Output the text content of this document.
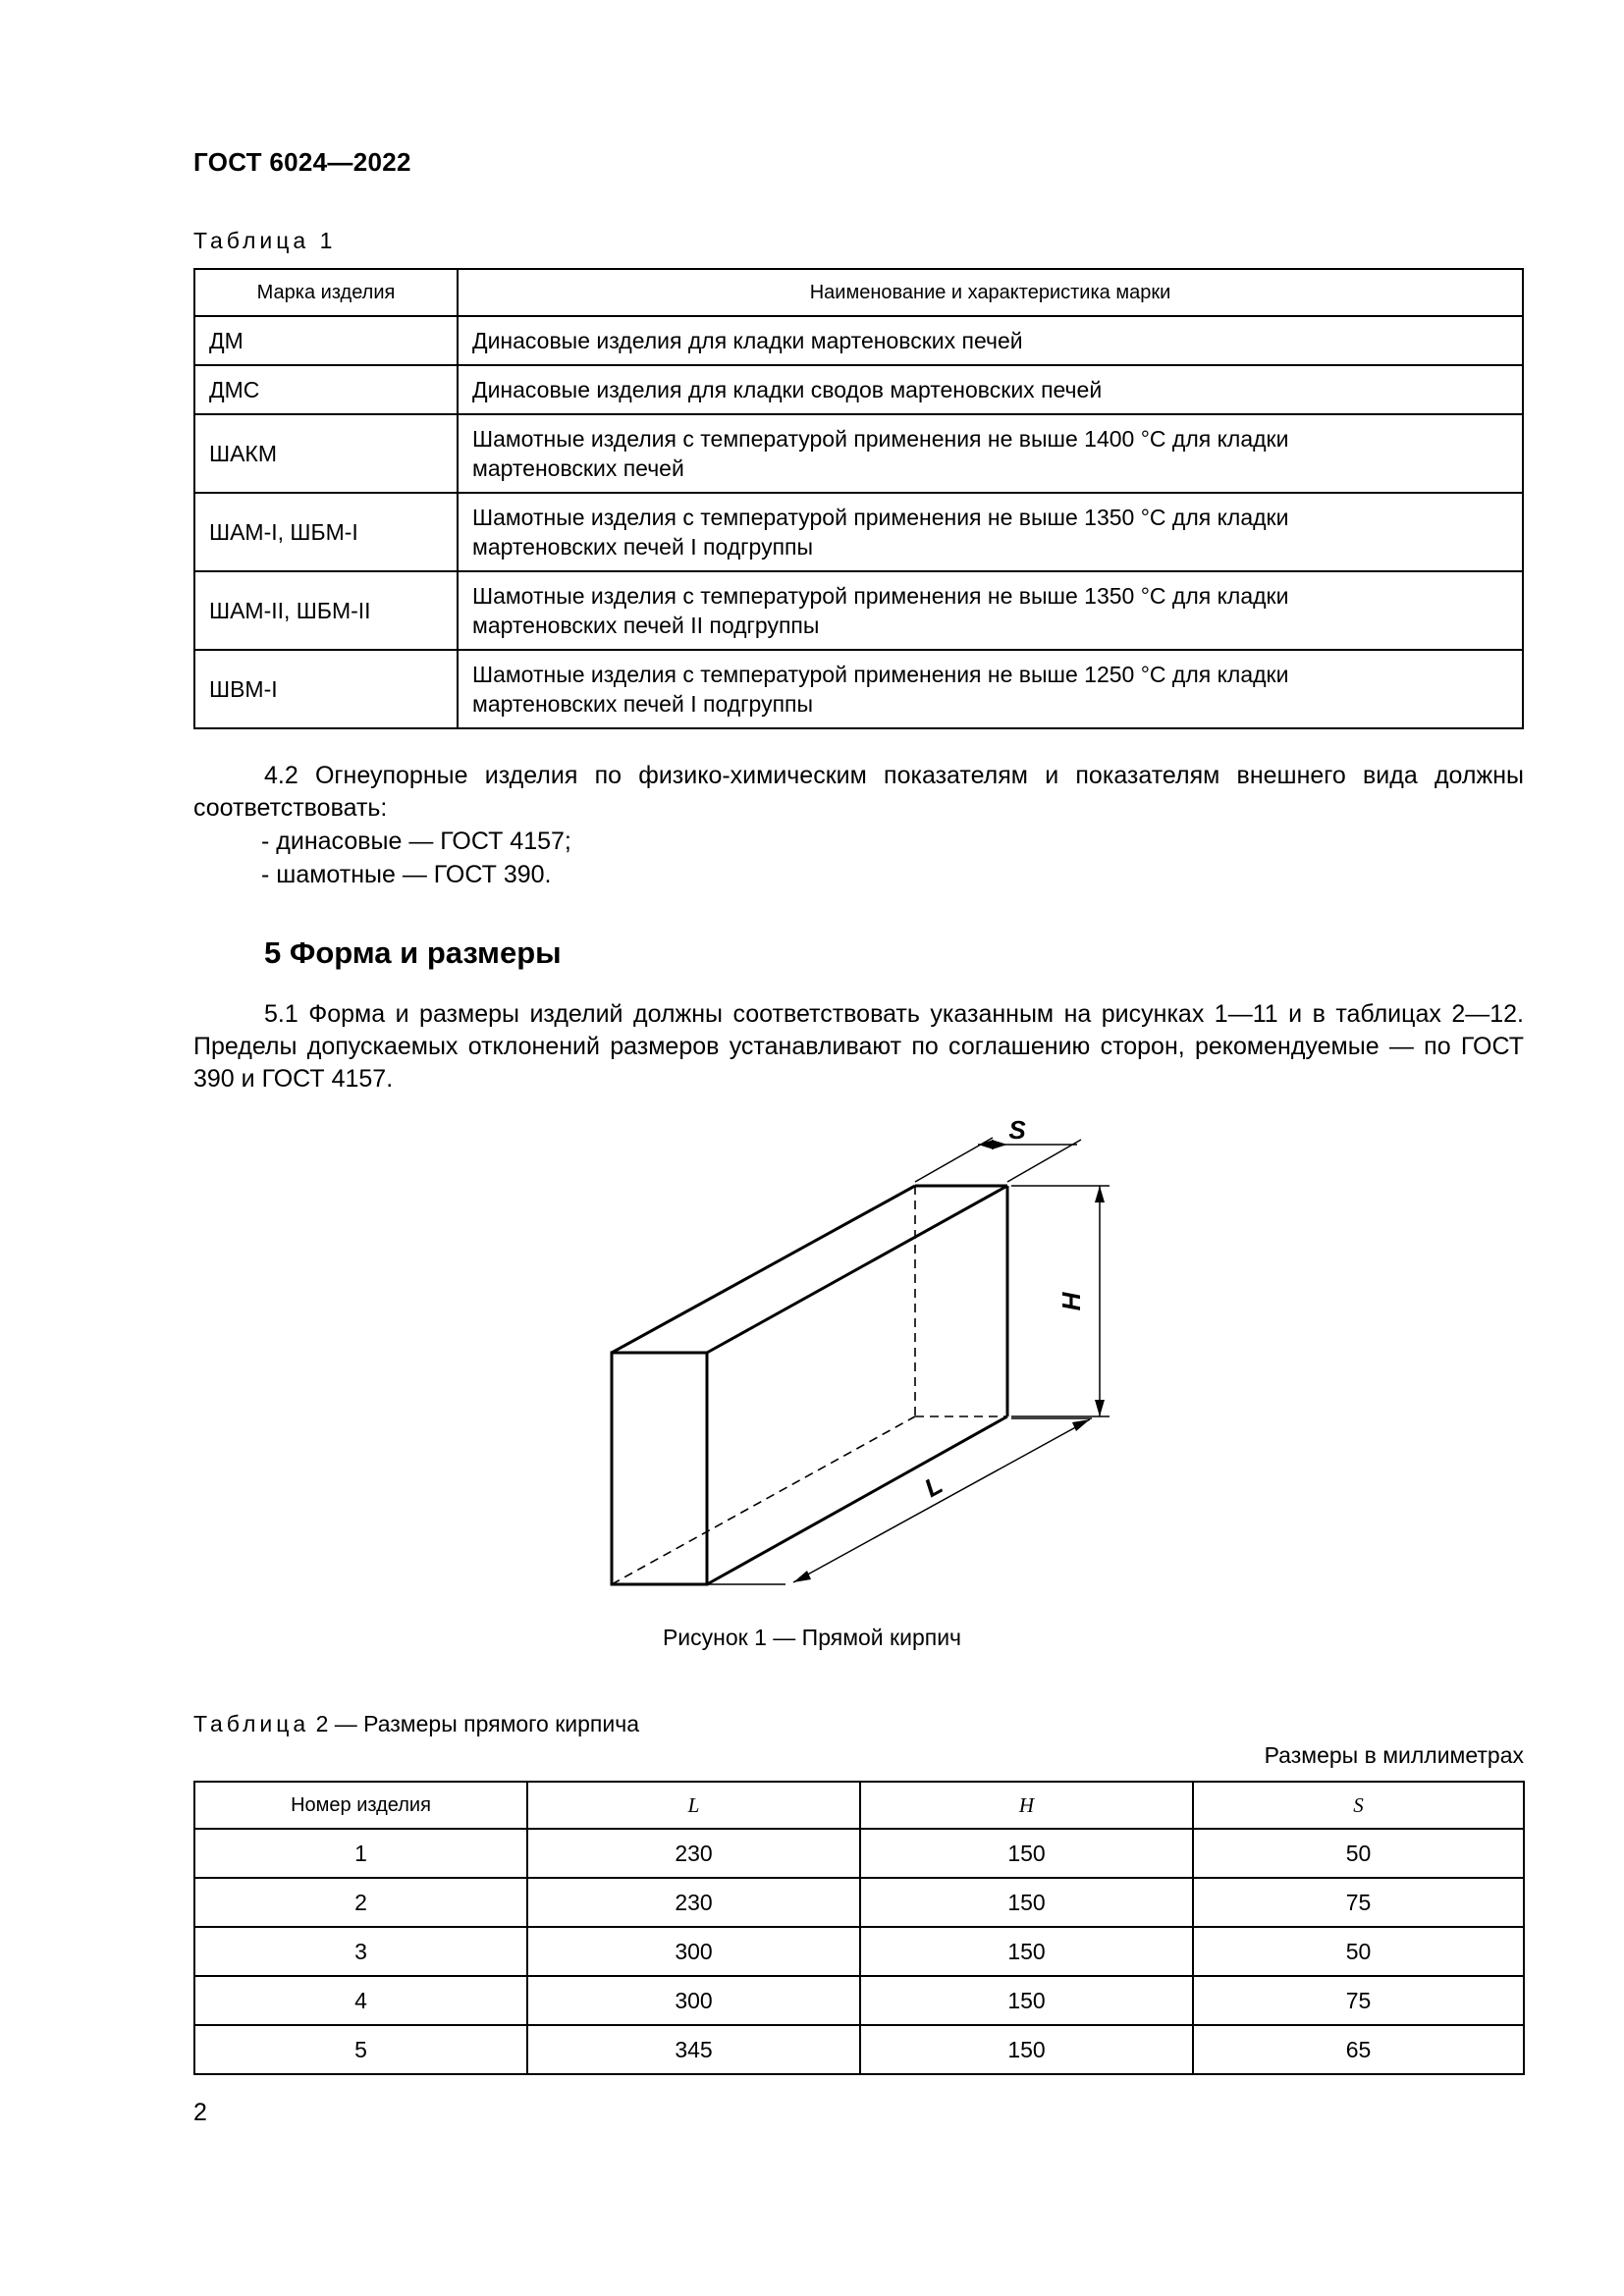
ГОСТ 6024—2022
Таблица 1
Марка изделия	Наименование и характеристика марки
ДМ	Динасовые изделия для кладки мартеновских печей
ДМС	Динасовые изделия для кладки сводов мартеновских печей
ШАКМ	Шамотные изделия с температурой применения не выше 1400 °С для кладки
мартеновских печей
ШАМ-I, ШБМ-I	Шамотные изделия с температурой применения не выше 1350 °С для кладки
мартеновских печей I подгруппы
ШАМ-II, ШБМ-II	Шамотные изделия с температурой применения не выше 1350 °С для кладки
мартеновских печей II подгруппы
ШВМ-I	Шамотные изделия с температурой применения не выше 1250 °С для кладки
мартеновских печей I подгруппы
4.2 Огнеупорные изделия по физико-химическим показателям и показателям внешнего вида должны соответствовать:
- динасовые — ГОСТ 4157;
- шамотные — ГОСТ 390.
5 Форма и размеры
5.1 Форма и размеры изделий должны соответствовать указанным на рисунках 1—11 и в таблицах 2—12. Пределы допускаемых отклонений размеров устанавливают по соглашению сторон, рекомендуемые — по ГОСТ 390 и ГОСТ 4157.
S
H
L
Рисунок 1 — Прямой кирпич
Таблица 2 — Размеры прямого кирпича
Размеры в миллиметрах
Номер изделия	L	H	S
1	230	150	50
2	230	150	75
3	300	150	50
4	300	150	75
5	345	150	65
2
